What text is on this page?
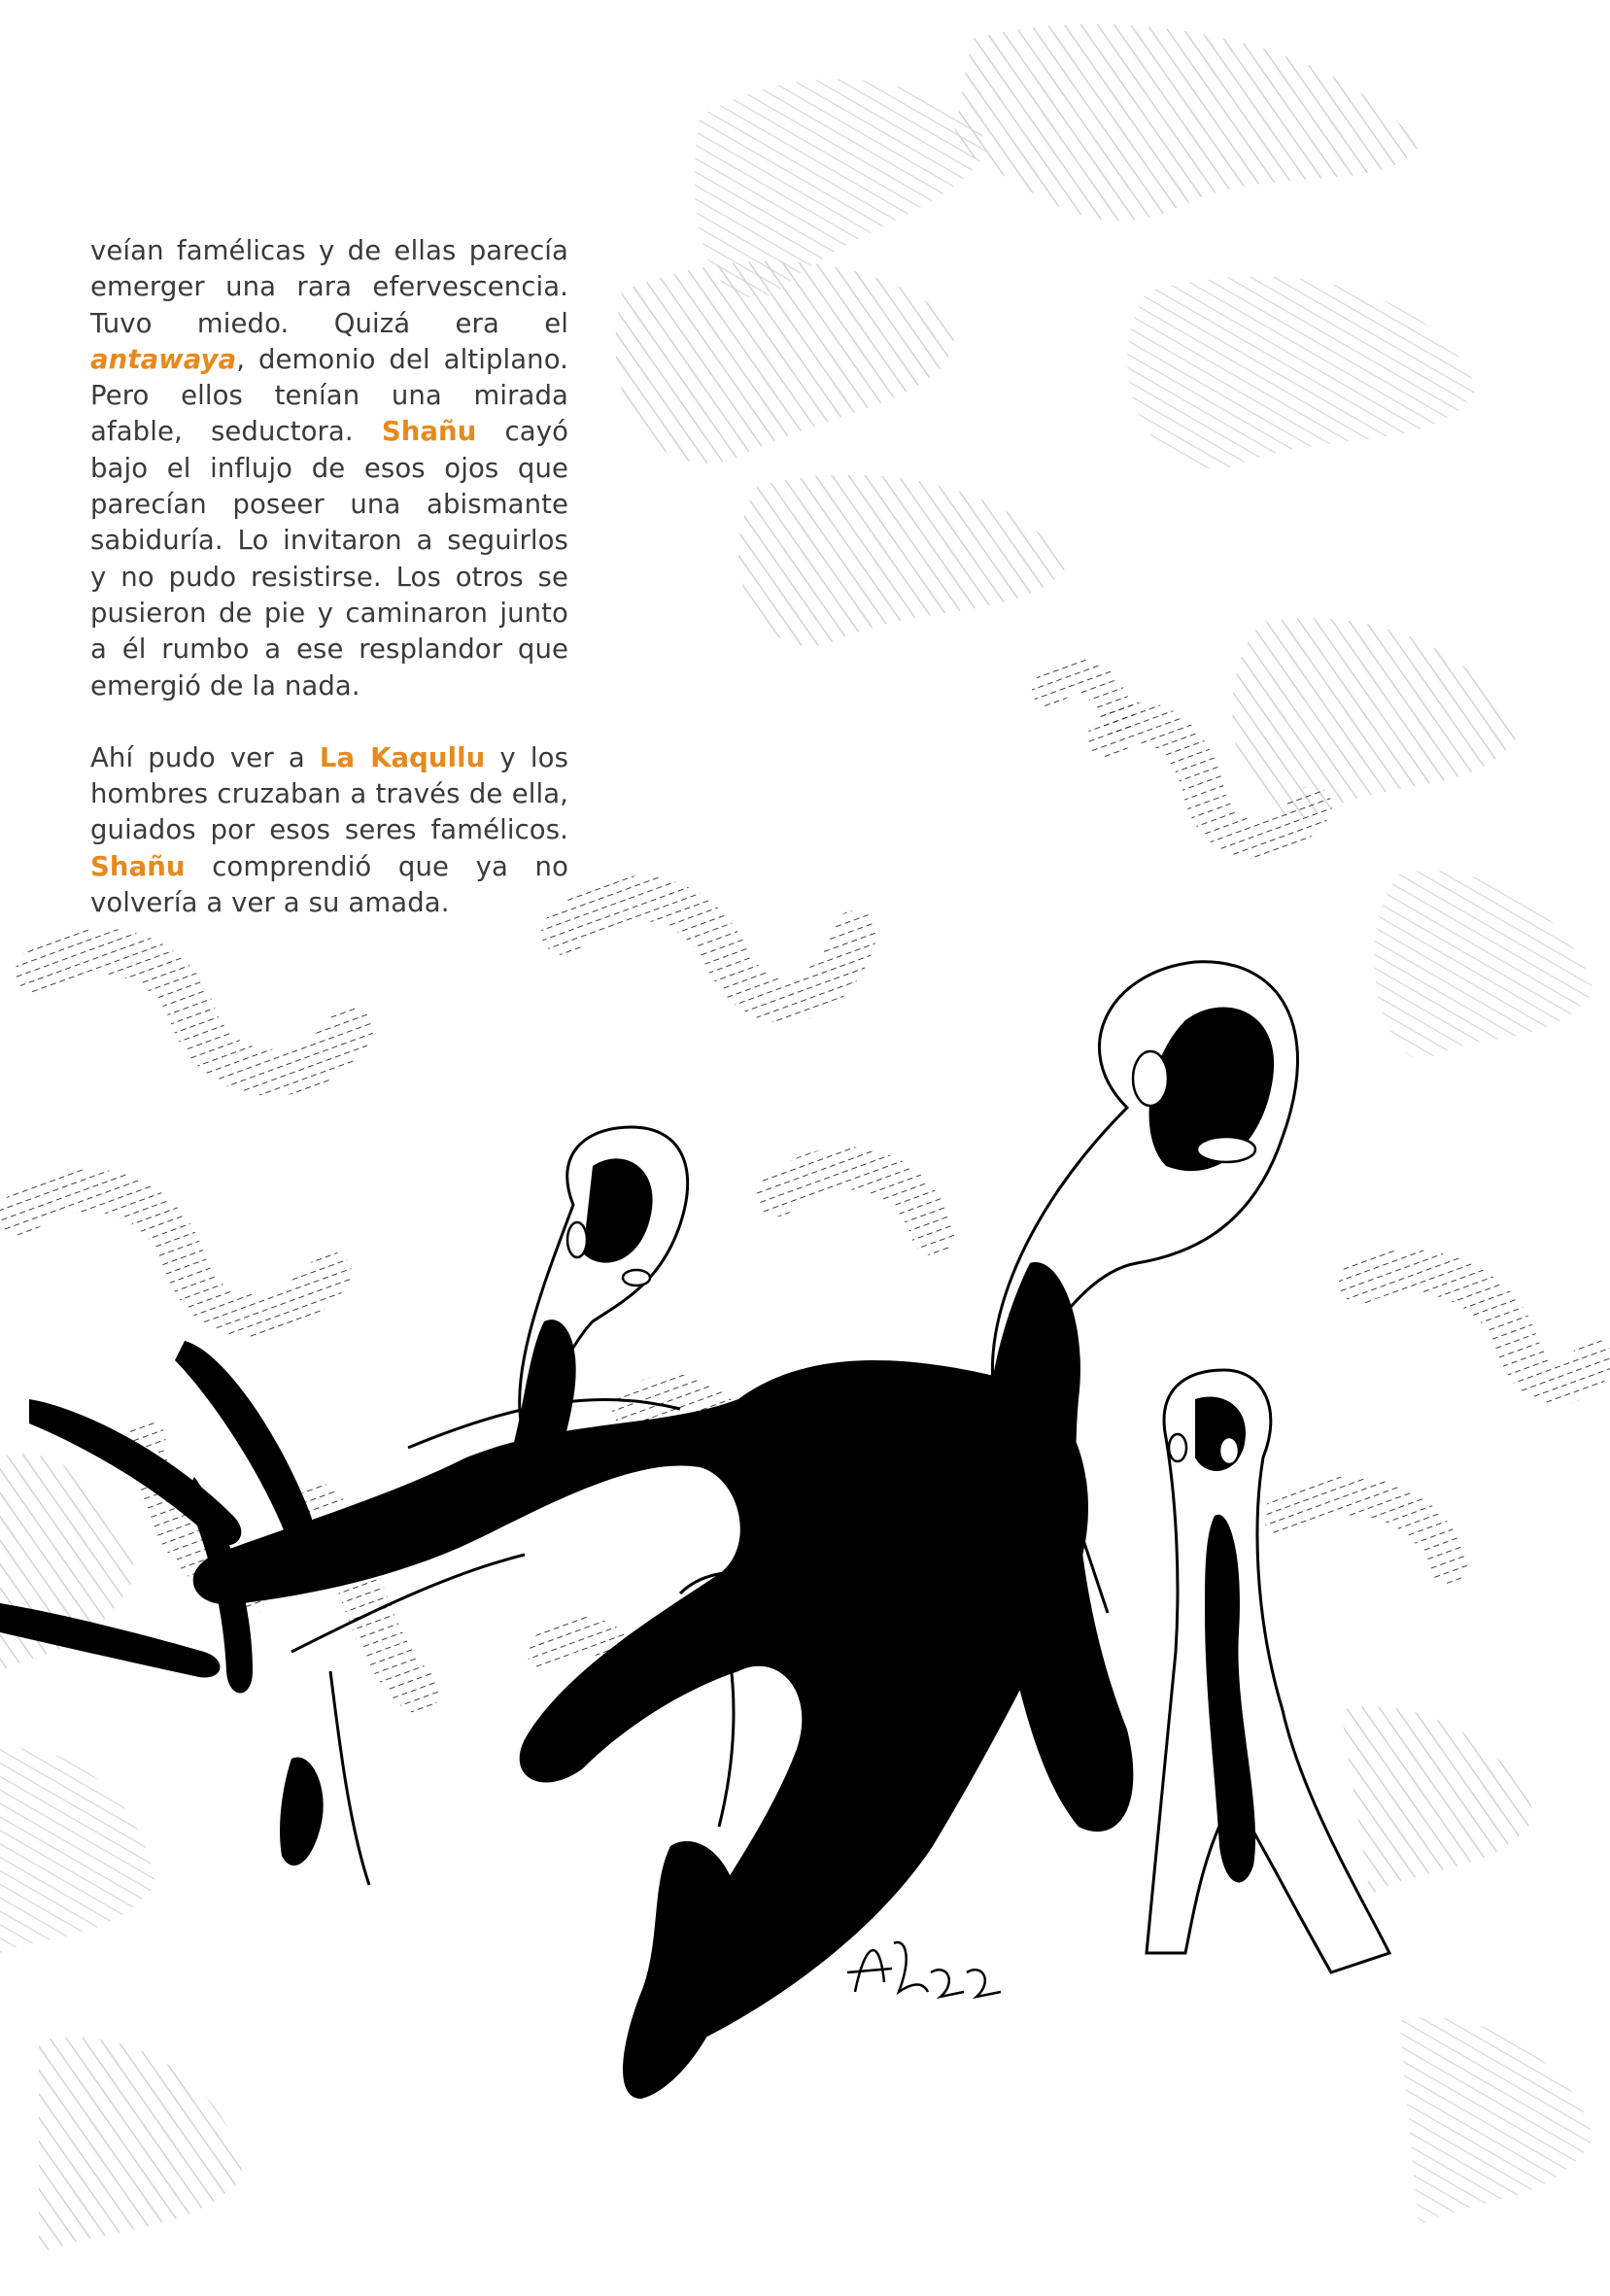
veían famélicas y de ellas parecía emerger una rara efervescencia. Tuvo miedo. Quizá era el antawaya, demonio del altiplano. Pero ellos tenían una mirada afable, seductora. Shañu cayó bajo el influjo de esos ojos que parecían poseer una abismante sabiduría. Lo invitaron a seguirlos y no pudo resistirse. Los otros se pusieron de pie y caminaron junto a él rumbo a ese resplandor que emergió de la nada.

Ahí pudo ver a La Kaqullu y los hombres cruzaban a través de ella, guiados por esos seres famélicos. Shañu comprendió que ya no volvería a ver a su amada.
